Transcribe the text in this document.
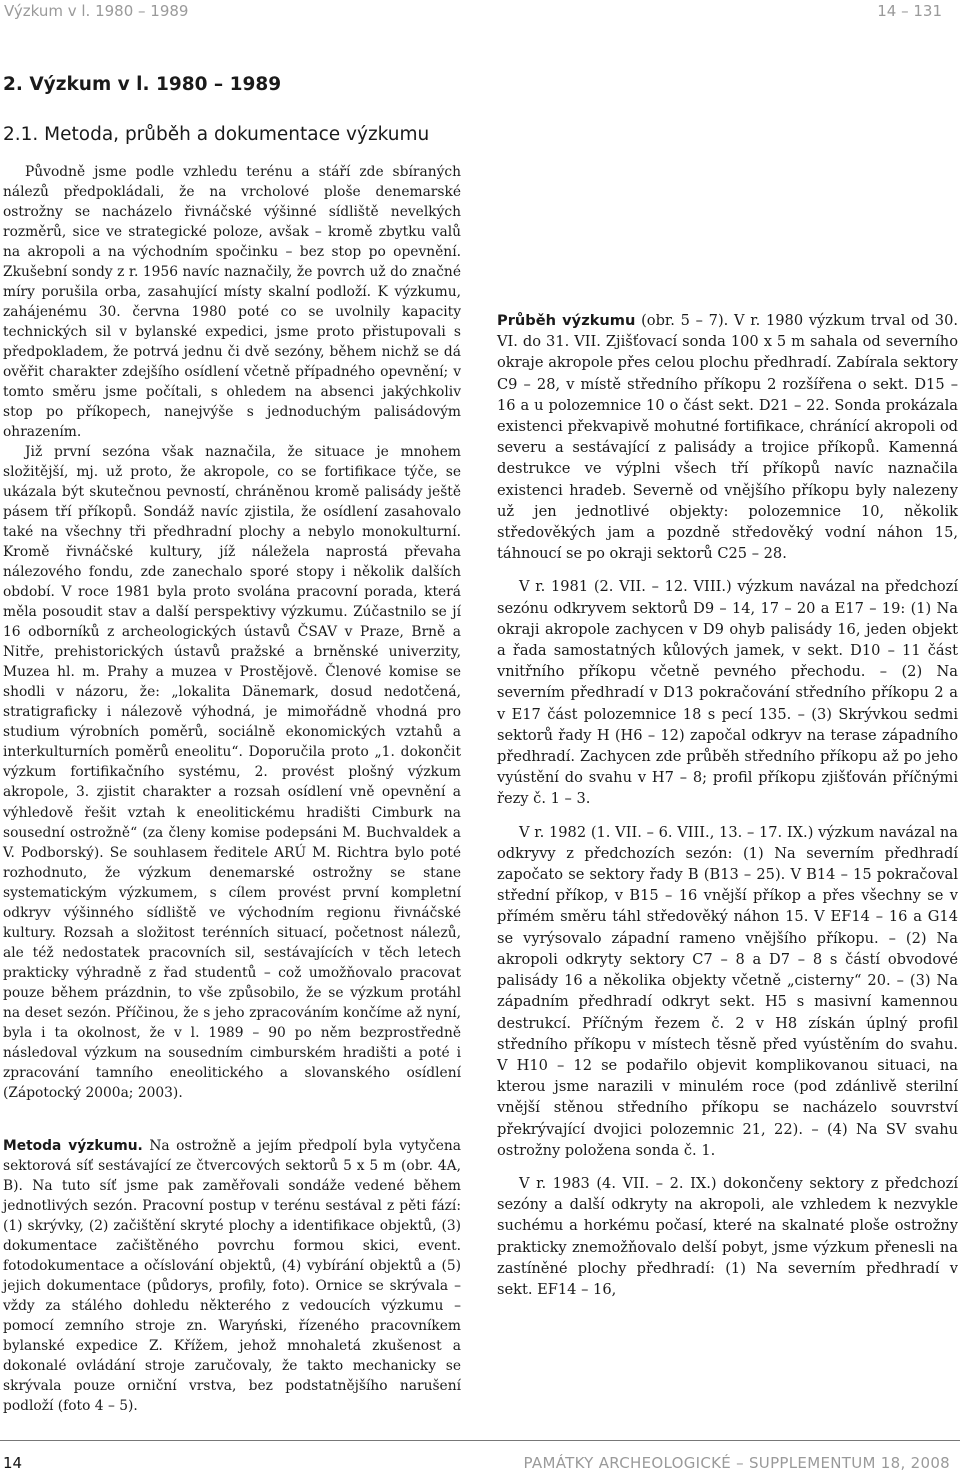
Výzkum v l. 1980 – 1989	14 – 131
2. Výzkum v l. 1980 – 1989
2.1. Metoda, průběh a dokumentace výzkumu

Původně jsme podle vzhledu terénu a stáří zde sbíraných nálezů předpokládali, že na vrcholové ploše denemarské ostrožny se nacházelo řivnáčské výšinné sídliště nevelkých rozměrů, sice ve strategické poloze, avšak – kromě zbytku valů na akropoli a na východním spočinku – bez stop po opevnění. Zkušební sondy z r. 1956 navíc naznačily, že povrch už do značné míry porušila orba, zasahující místy skalní podloží. K výzkumu, zahájenému 30. června 1980 poté co se uvolnily kapacity technických sil v bylanské expedici, jsme proto přistupovali s předpokladem, že potrvá jednu či dvě sezóny, během nichž se dá ověřit charakter zdejšího osídlení včetně případného opevnění; v tomto směru jsme počítali, s ohledem na absenci jakýchkoliv stop po příkopech, nanejvýše s jednoduchým palisádovým ohrazením.

Již první sezóna však naznačila, že situace je mnohem složitější, mj. už proto, že akropole, co se fortifikace týče, se ukázala být skutečnou pevností, chráněnou kromě palisády ještě pásem tří příkopů. Sondáž navíc zjistila, že osídlení zasahovalo také na všechny tři předhradní plochy a nebylo monokulturní. Kromě řivnáčské kultury, jíž náležela naprostá převaha nálezového fondu, zde zanechalo sporé stopy i několik dalších období. V roce 1981 byla proto svolána pracovní porada, která měla posoudit stav a další perspektivy výzkumu. Zúčastnilo se jí 16 odborníků z archeologických ústavů ČSAV v Praze, Brně a Nitře, prehistorických ústavů pražské a brněnské univerzity, Muzea hl. m. Prahy a muzea v Prostějově. Členové komise se shodli v názoru, že: „lokalita Dänemark, dosud nedotčená, stratigraficky i nálezově výhodná, je mimořádně vhodná pro studium výrobních poměrů, sociálně ekonomických vztahů a interkulturních poměrů eneolitu“. Doporučila proto „1. dokončit výzkum fortifikačního systému, 2. provést plošný výzkum akropole, 3. zjistit charakter a rozsah osídlení vně opevnění a výhledově řešit vztah k eneolitickému hradišti Cimburk na sousední ostrožně“ (za členy komise podepsáni M. Buchvaldek a V. Podborský). Se souhlasem ředitele ARÚ M. Richtra bylo poté rozhodnuto, že výzkum denemarské ostrožny se stane systematickým výzkumem, s cílem provést první kompletní odkryv výšinného sídliště ve východním regionu řivnáčské kultury. Rozsah a složitost terénních situací, početnost nálezů, ale též nedostatek pracovních sil, sestávajících v těch letech prakticky výhradně z řad studentů – což umožňovalo pracovat pouze během prázdnin, to vše způsobilo, že se výzkum protáhl na deset sezón. Příčinou, že s jeho zpracováním končíme až nyní, byla i ta okolnost, že v l. 1989 – 90 po něm bezprostředně následoval výzkum na sousedním cimburském hradišti a poté i zpracování tamního eneolitického a slovanského osídlení (Zápotocký 2000a; 2003).

Metoda výzkumu. Na ostrožně a jejím předpolí byla vytyčena sektorová síť sestávající ze čtvercových sektorů 5 x 5 m (obr. 4A, B). Na tuto síť jsme pak zaměřovali sondáže vedené během jednotlivých sezón. Pracovní postup v terénu sestával z pěti fází: (1) skrývky, (2) začištění skryté plochy a identifikace objektů, (3) dokumentace začištěného povrchu formou skici, event. fotodokumentace a očíslování objektů, (4) vybírání objektů a (5) jejich dokumentace (půdorys, profily, foto). Ornice se skrývala – vždy za stálého dohledu některého z vedoucích výzkumu – pomocí zemního stroje zn. Waryński, řízeného pracovníkem bylanské expedice Z. Křížem, jehož mnohaletá zkušenost a dokonalé ovládání stroje zaručovaly, že takto mechanicky se skrývala pouze orniční vrstva, bez podstatnějšího narušení podloží (foto 4 – 5).

Průběh výzkumu (obr. 5 – 7). V r. 1980 výzkum trval od 30. VI. do 31. VII. Zjišťovací sonda 100 x 5 m sahala od severního okraje akropole přes celou plochu předhradí. Zabírala sektory C9 – 28, v místě středního příkopu 2 rozšířena o sekt. D15 – 16 a u polozemnice 10 o část sekt. D21 – 22. Sonda prokázala existenci překvapivě mohutné fortifikace, chránící akropoli od severu a sestávající z palisády a trojice příkopů. Kamenná destrukce ve výplni všech tří příkopů navíc naznačila existenci hradeb. Severně od vnějšího příkopu byly nalezeny už jen jednotlivé objekty: polozemnice 10, několik středověkých jam a pozdně středověký vodní náhon 15, táhnoucí se po okraji sektorů C25 – 28.

V r. 1981 (2. VII. – 12. VIII.) výzkum navázal na předchozí sezónu odkryvem sektorů D9 – 14, 17 – 20 a E17 – 19: (1) Na okraji akropole zachycen v D9 ohyb palisády 16, jeden objekt a řada samostatných kůlových jamek, v sekt. D10 – 11 část vnitřního příkopu včetně pevného přechodu. – (2) Na severním předhradí v D13 pokračování středního příkopu 2 a v E17 část polozemnice 18 s pecí 135. – (3) Skrývkou sedmi sektorů řady H (H6 – 12) započal odkryv na terase západního předhradí. Zachycen zde průběh středního příkopu až po jeho vyústění do svahu v H7 – 8; profil příkopu zjišťován příčnými řezy č. 1 – 3.

V r. 1982 (1. VII. – 6. VIII., 13. – 17. IX.) výzkum navázal na odkryvy z předchozích sezón: (1) Na severním předhradí započato se sektory řady B (B13 – 25). V B14 – 15 pokračoval střední příkop, v B15 – 16 vnější příkop a přes všechny se v přímém směru táhl středověký náhon 15. V EF14 – 16 a G14 se vyrýsovalo západní rameno vnějšího příkopu. – (2) Na akropoli odkryty sektory C7 – 8 a D7 – 8 s částí obvodové palisády 16 a několika objekty včetně „cisterny“ 20. – (3) Na západním předhradí odkryt sekt. H5 s masivní kamennou destrukcí. Příčným řezem č. 2 v H8 získán úplný profil středního příkopu v místech těsně před vyústěním do svahu. V H10 – 12 se podařilo objevit komplikovanou situaci, na kterou jsme narazili v minulém roce (pod zdánlivě sterilní vnější stěnou středního příkopu se nacházelo souvrství překrývající dvojici polozemnic 21, 22). – (4) Na SV svahu ostrožny položena sonda č. 1.

V r. 1983 (4. VII. – 2. IX.) dokončeny sektory z předchozí sezóny a další odkryty na akropoli, ale vzhledem k nezvykle suchému a horkému počasí, které na skalnaté ploše ostrožny prakticky znemožňovalo delší pobyt, jsme výzkum přenesli na zastíněné plochy předhradí: (1) Na severním předhradí v sekt. EF14 – 16,

14	PAMÁTKY ARCHEOLOGICKÉ – SUPPLEMENTUM 18, 2008
